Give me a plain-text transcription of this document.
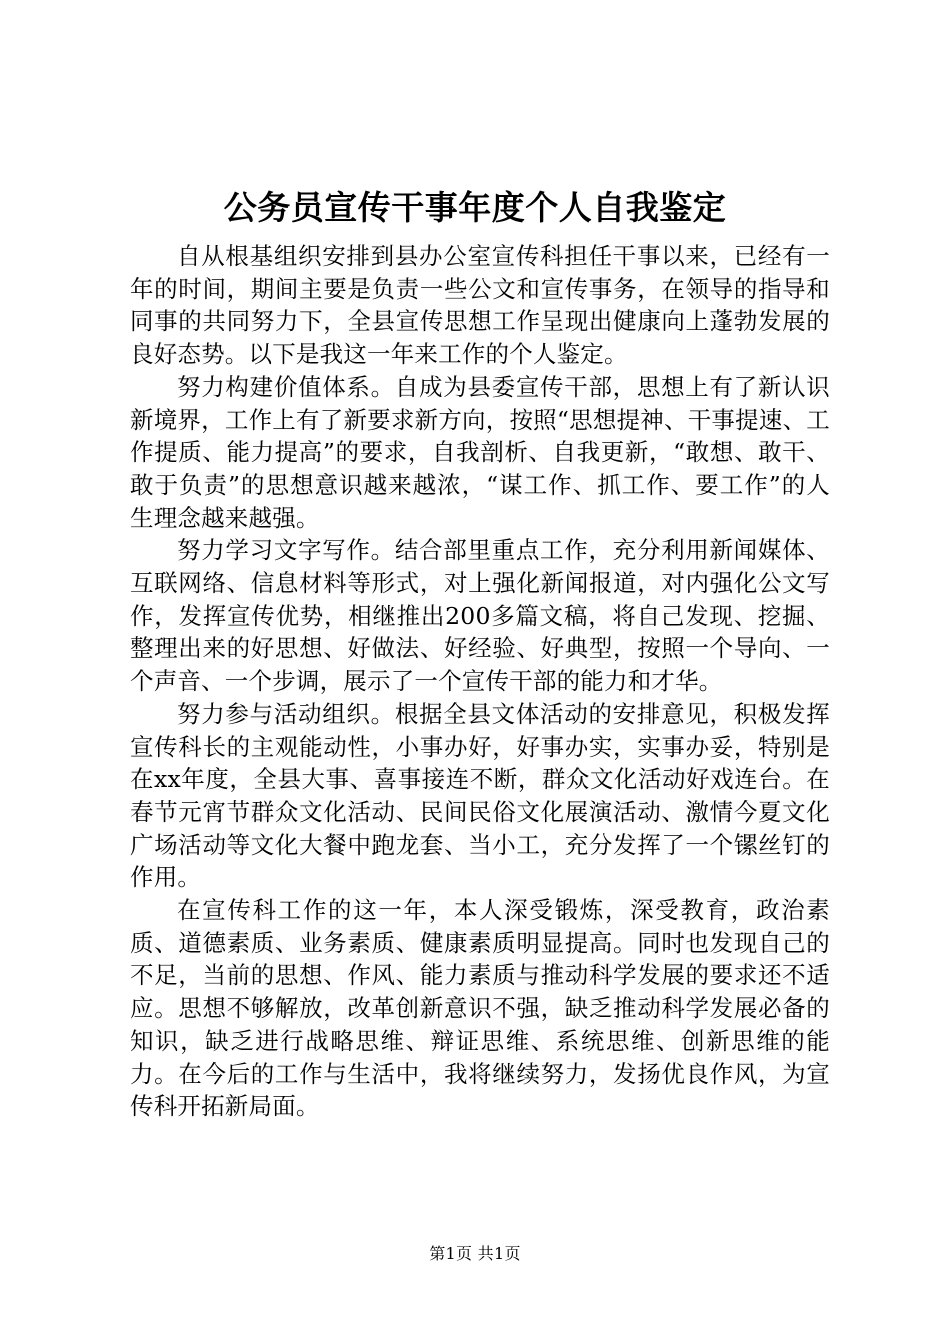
公务员宣传干事年度个人自我鉴定

自从根基组织安排到县办公室宣传科担任干事以来，已经有一年的时间，期间主要是负责一些公文和宣传事务，在领导的指导和同事的共同努力下，全县宣传思想工作呈现出健康向上蓬勃发展的良好态势。以下是我这一年来工作的个人鉴定。

努力构建价值体系。自成为县委宣传干部，思想上有了新认识新境界，工作上有了新要求新方向，按照“思想提神、干事提速、工作提质、能力提高”的要求，自我剖析、自我更新，“敢想、敢干、敢于负责”的思想意识越来越浓，“谋工作、抓工作、要工作”的人生理念越来越强。

努力学习文字写作。结合部里重点工作，充分利用新闻媒体、互联网络、信息材料等形式，对上强化新闻报道，对内强化公文写作，发挥宣传优势，相继推出200多篇文稿，将自己发现、挖掘、整理出来的好思想、好做法、好经验、好典型，按照一个导向、一个声音、一个步调，展示了一个宣传干部的能力和才华。

努力参与活动组织。根据全县文体活动的安排意见，积极发挥宣传科长的主观能动性，小事办好，好事办实，实事办妥，特别是在xx年度，全县大事、喜事接连不断，群众文化活动好戏连台。在春节元宵节群众文化活动、民间民俗文化展演活动、激情今夏文化广场活动等文化大餐中跑龙套、当小工，充分发挥了一个镙丝钉的作用。

在宣传科工作的这一年，本人深受锻炼，深受教育，政治素质、道德素质、业务素质、健康素质明显提高。同时也发现自己的不足，当前的思想、作风、能力素质与推动科学发展的要求还不适应。思想不够解放，改革创新意识不强，缺乏推动科学发展必备的知识，缺乏进行战略思维、辩证思维、系统思维、创新思维的能力。在今后的工作与生活中，我将继续努力，发扬优良作风，为宣传科开拓新局面。

第1页 共1页
